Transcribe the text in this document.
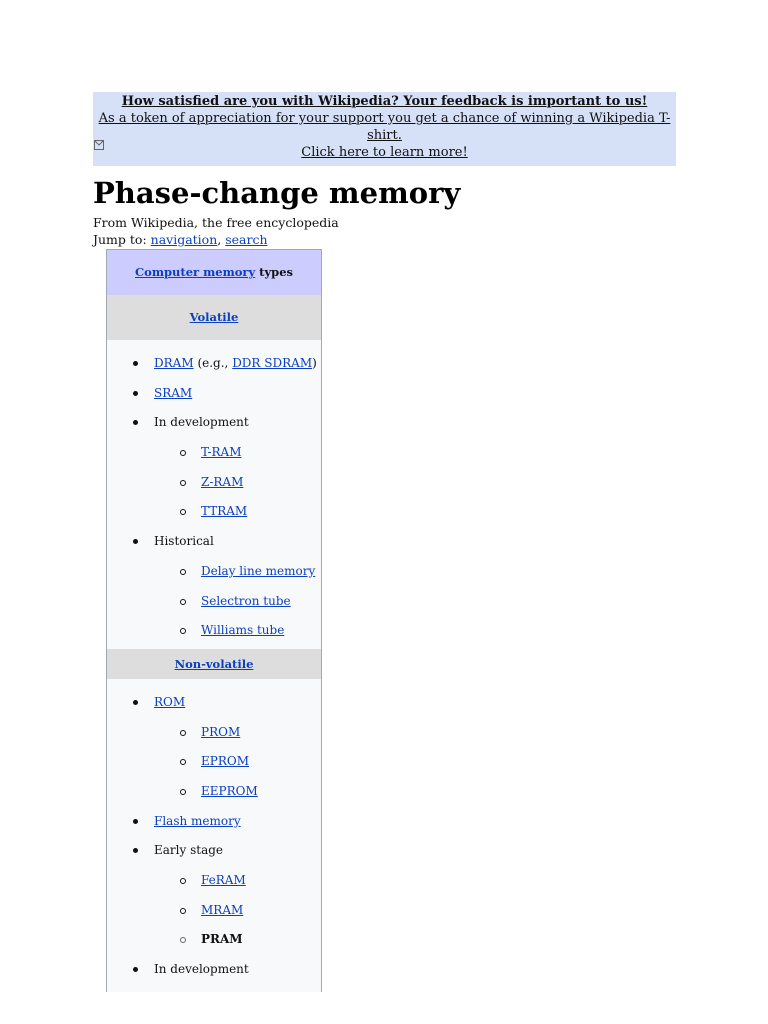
How satisfied are you with Wikipedia? Your feedback is important to us!
As a token of appreciation for your support you get a chance of winning a Wikipedia T-shirt.
Click here to learn more!
Phase-change memory
From Wikipedia, the free encyclopedia
Jump to: navigation, search
Computer memory types
Volatile
DRAM (e.g., DDR SDRAM)
SRAM
In development
T-RAM
Z-RAM
TTRAM
Historical
Delay line memory
Selectron tube
Williams tube
Non-volatile
ROM
PROM
EPROM
EEPROM
Flash memory
Early stage
FeRAM
MRAM
PRAM
In development
